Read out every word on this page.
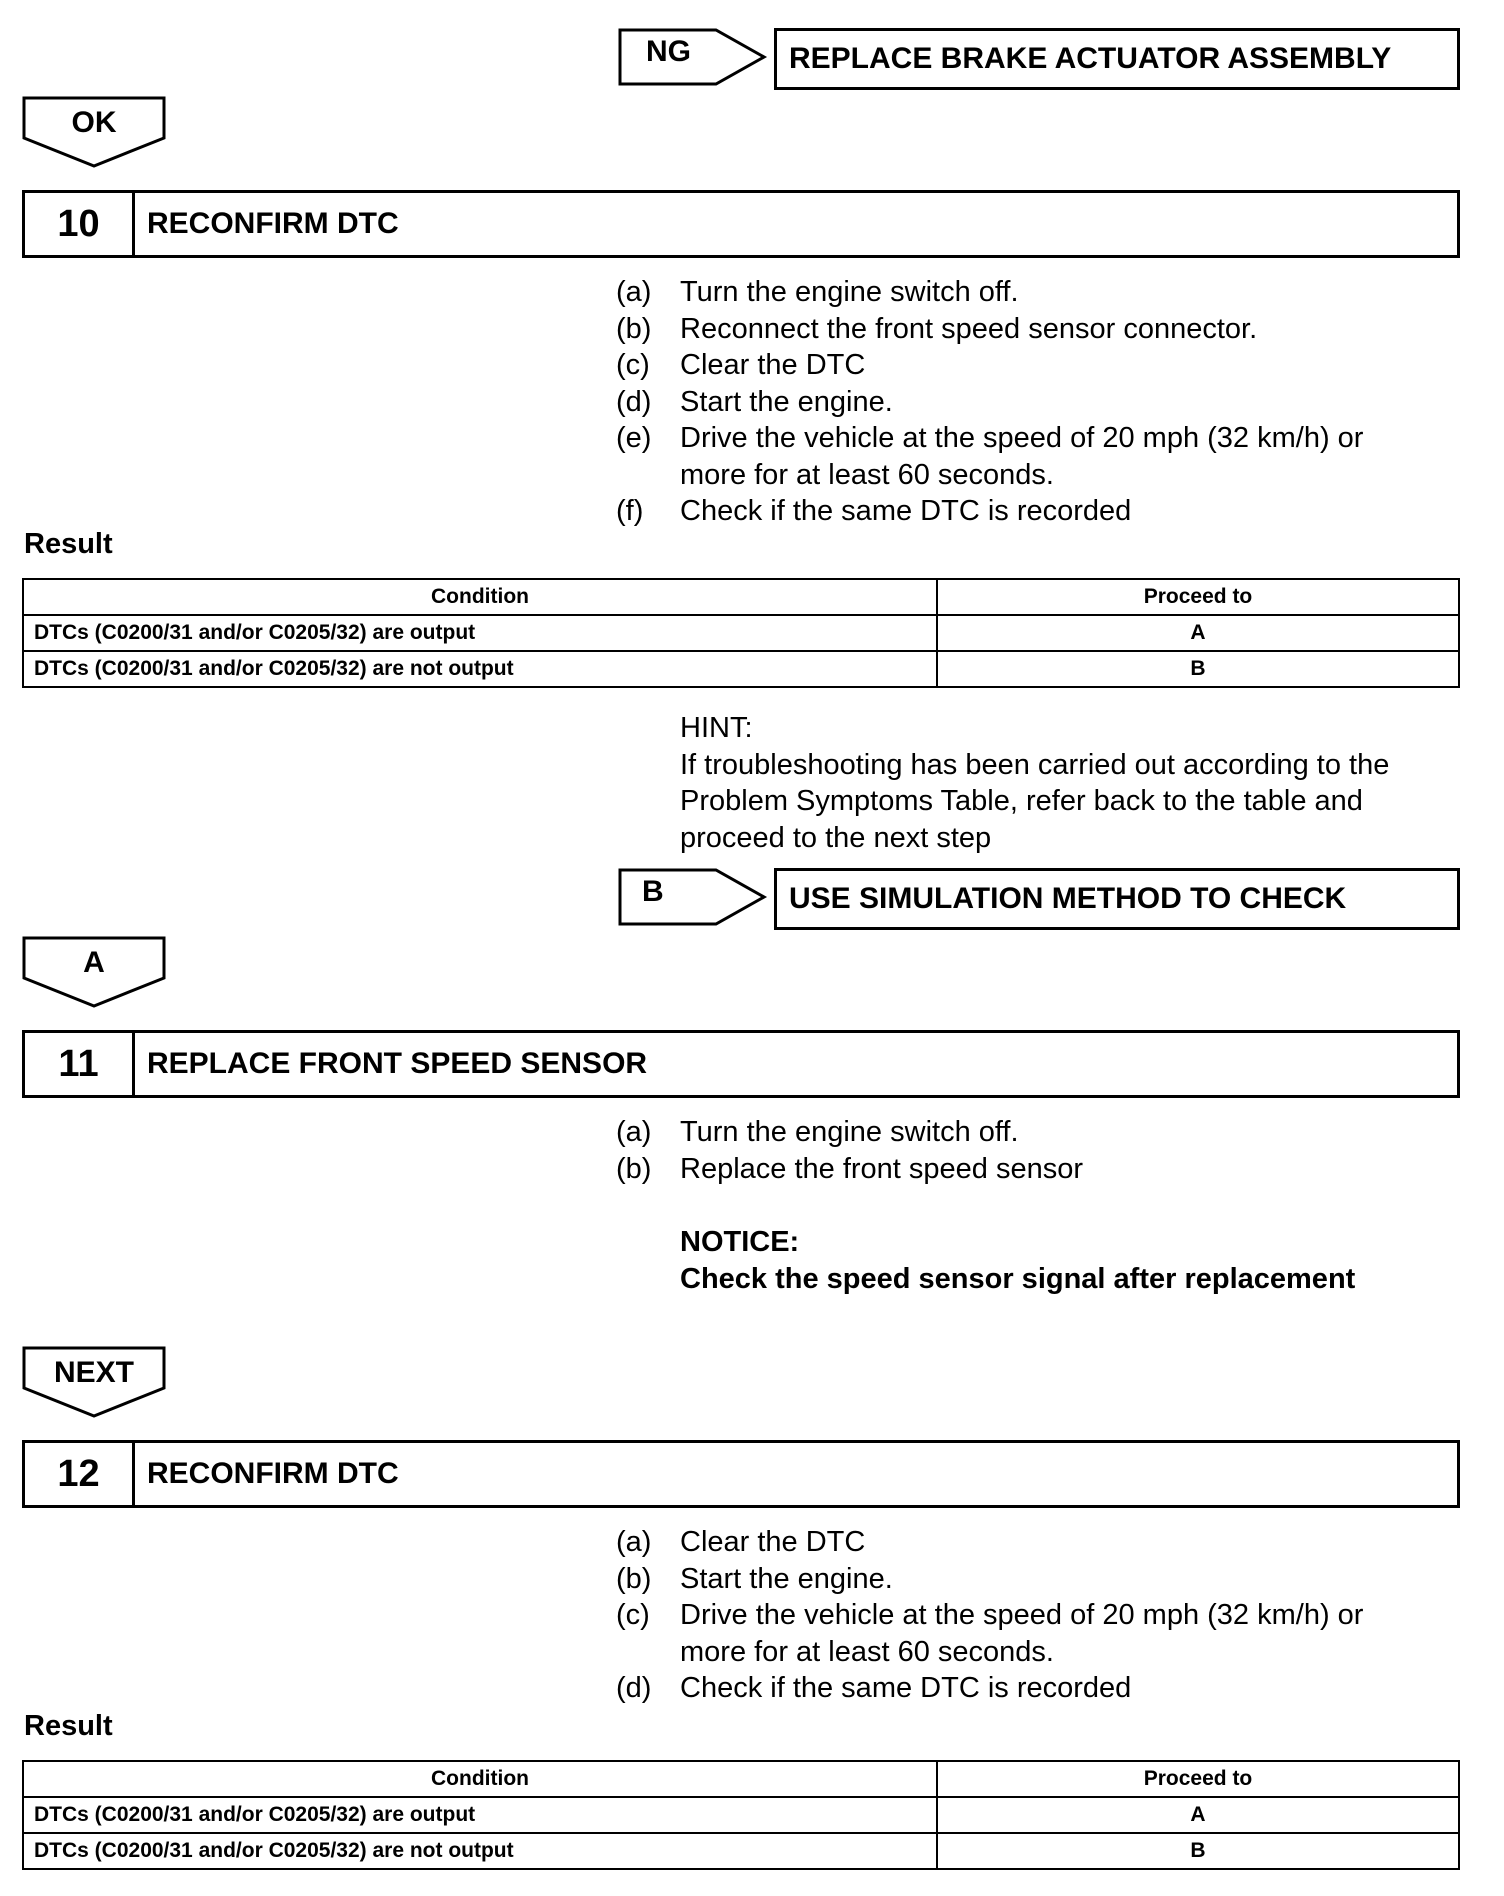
NG	REPLACE BRAKE ACTUATOR ASSEMBLY
OK
10	RECONFIRM DTC
(a) Turn the engine switch off.
(b) Reconnect the front speed sensor connector.
(c)	Clear the DTC
(d) Start the engine.
(e) Drive the vehicle at the speed of 20 mph (32 km/h) or more for at least 60 seconds.
(f)	Check if the same DTC is recorded
Result
Condition	Proceed to
DTCs (C0200/31 and/or C0205/32) are output	A
DTCs (C0200/31 and/or C0205/32) are not output	B
HINT:
If troubleshooting has been carried out according to the Problem Symptoms Table, refer back to the table and proceed to the next step
B	USE SIMULATION METHOD TO CHECK
A
11	REPLACE FRONT SPEED SENSOR
(a) Turn the engine switch off.
(b) Replace the front speed sensor
NOTICE:
Check the speed sensor signal after replacement
NEXT
12	RECONFIRM DTC
(a) Clear the DTC
(b) Start the engine.
(c)	Drive the vehicle at the speed of 20 mph (32 km/h) or more for at least 60 seconds.
(d) Check if the same DTC is recorded
Result
Condition	Proceed to
DTCs (C0200/31 and/or C0205/32) are output	A
DTCs (C0200/31 and/or C0205/32) are not output	B
